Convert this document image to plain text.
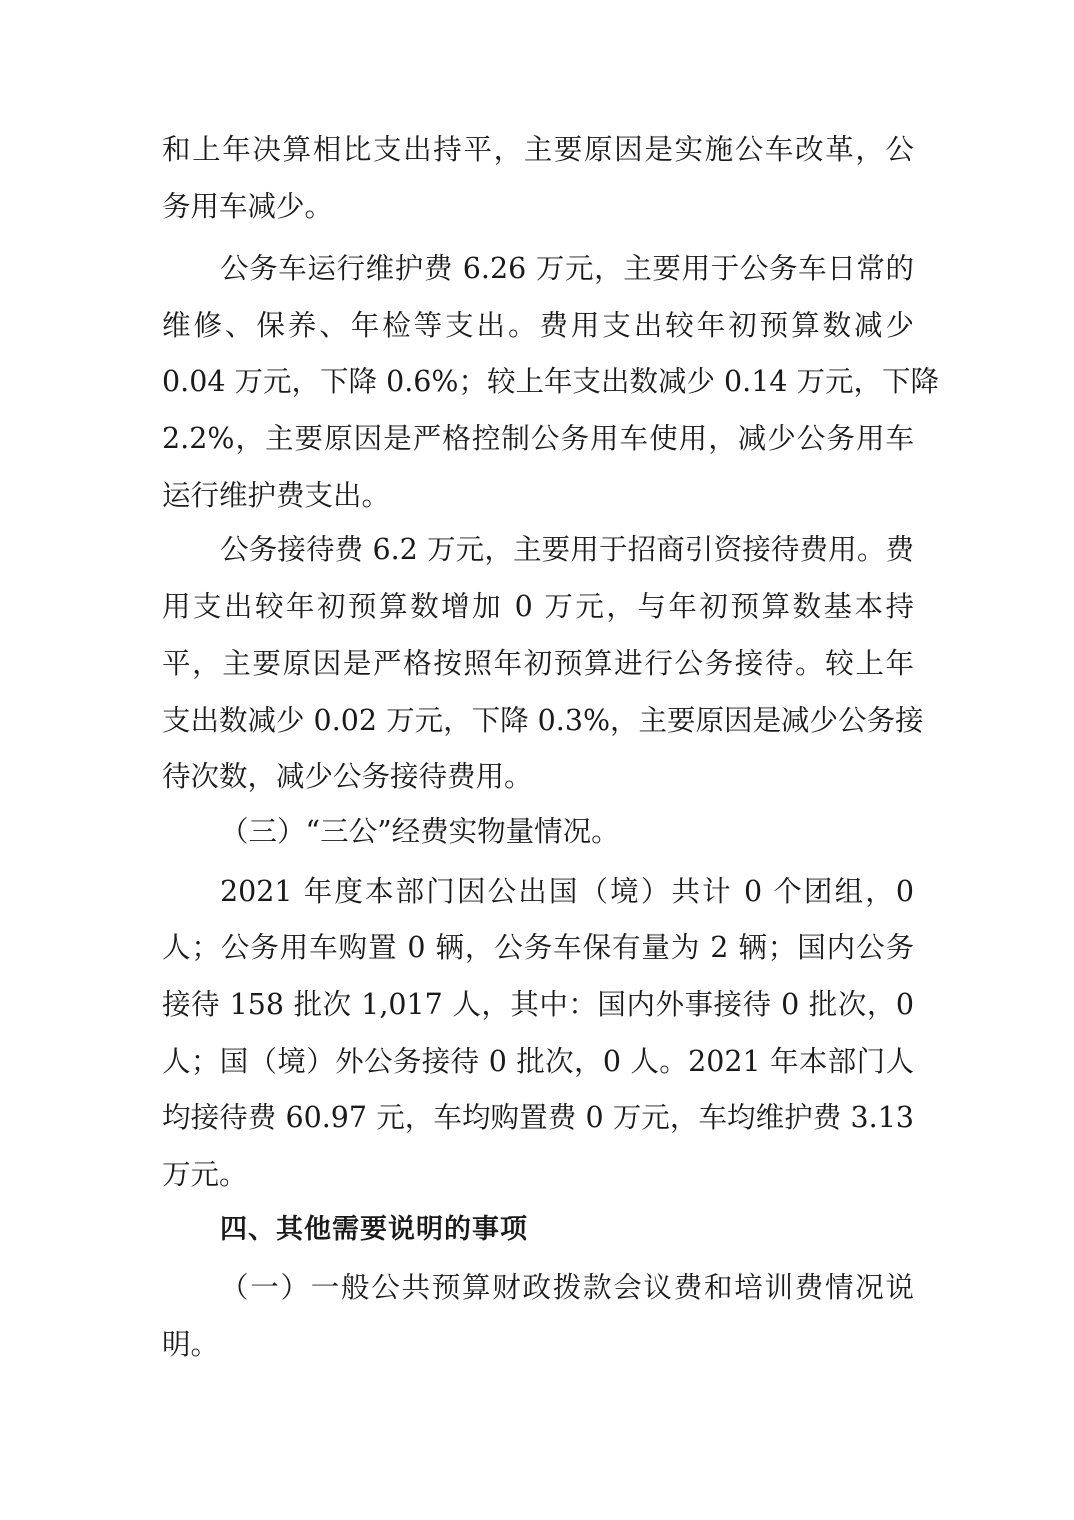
和上年决算相比支出持平，主要原因是实施公车改革，公
务用车减少。
公务车运行维护费 6.26 万元，主要用于公务车日常的
维修、保养、年检等支出。费用支出较年初预算数减少
0.04 万元，下降 0.6%；较上年支出数减少 0.14 万元，下降
2.2%，主要原因是严格控制公务用车使用，减少公务用车
运行维护费支出。
公务接待费 6.2 万元，主要用于招商引资接待费用。费
用支出较年初预算数增加 0 万元，与年初预算数基本持
平，主要原因是严格按照年初预算进行公务接待。较上年
支出数减少 0.02 万元，下降 0.3%，主要原因是减少公务接
待次数，减少公务接待费用。
（三）“三公”经费实物量情况。
2021 年度本部门因公出国（境）共计 0 个团组，0
人；公务用车购置 0 辆，公务车保有量为 2 辆；国内公务
接待 158 批次 1,017 人，其中：国内外事接待 0 批次，0
人；国（境）外公务接待 0 批次，0 人。2021 年本部门人
均接待费 60.97 元，车均购置费 0 万元，车均维护费 3.13
万元。
四、其他需要说明的事项
（一）一般公共预算财政拨款会议费和培训费情况说
明。
